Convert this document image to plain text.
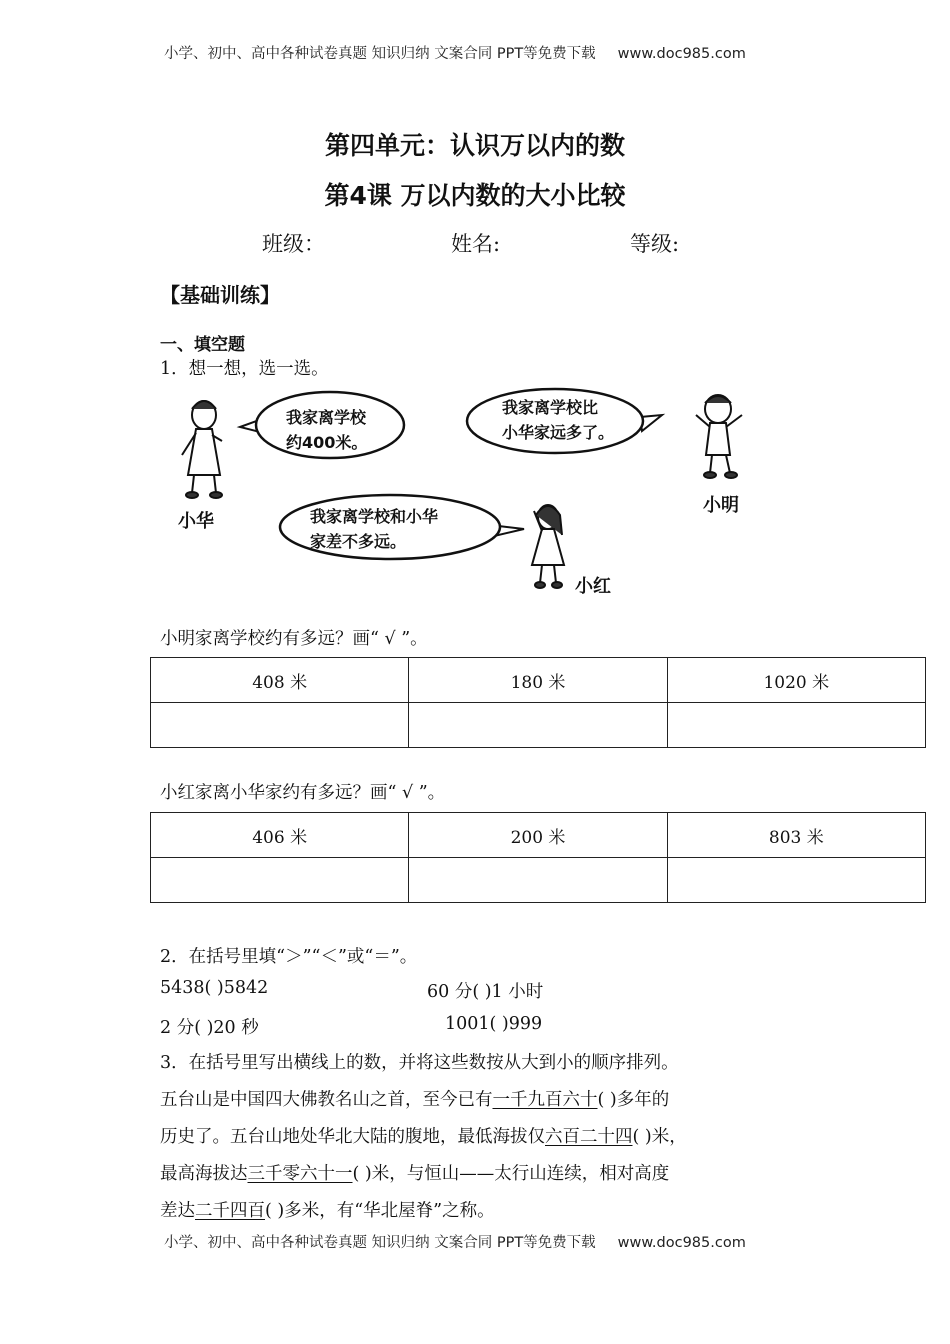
小学、初中、高中各种试卷真题 知识归纳 文案合同 PPT等免费下载 www.doc985.com
第四单元：认识万以内的数
第4课 万以内数的大小比较
班级：	姓名:	等级:
【基础训练】
一、填空题
1．想一想，选一选。
小华
我家离学校
约400米。
我家离学校比
小华家远多了。
小明
我家离学校和小华
家差不多远。
小红
小明家离学校约有多远？画“ √ ”。
408 米	180 米	1020 米

小红家离小华家约有多远？画“ √ ”。
406 米	200 米	803 米

2．在括号里填“＞”“＜”或“＝”。
5438( )5842	60 分( )1 小时
2 分( )20 秒	1001( )999
3．在括号里写出横线上的数，并将这些数按从大到小的顺序排列。
五台山是中国四大佛教名山之首，至今已有一千九百六十( )多年的
历史了。五台山地处华北大陆的腹地，最低海拔仅六百二十四( )米，
最高海拔达三千零六十一( )米，与恒山——太行山连续，相对高度
差达二千四百( )多米，有“华北屋脊”之称。
小学、初中、高中各种试卷真题 知识归纳 文案合同 PPT等免费下载 www.doc985.com
